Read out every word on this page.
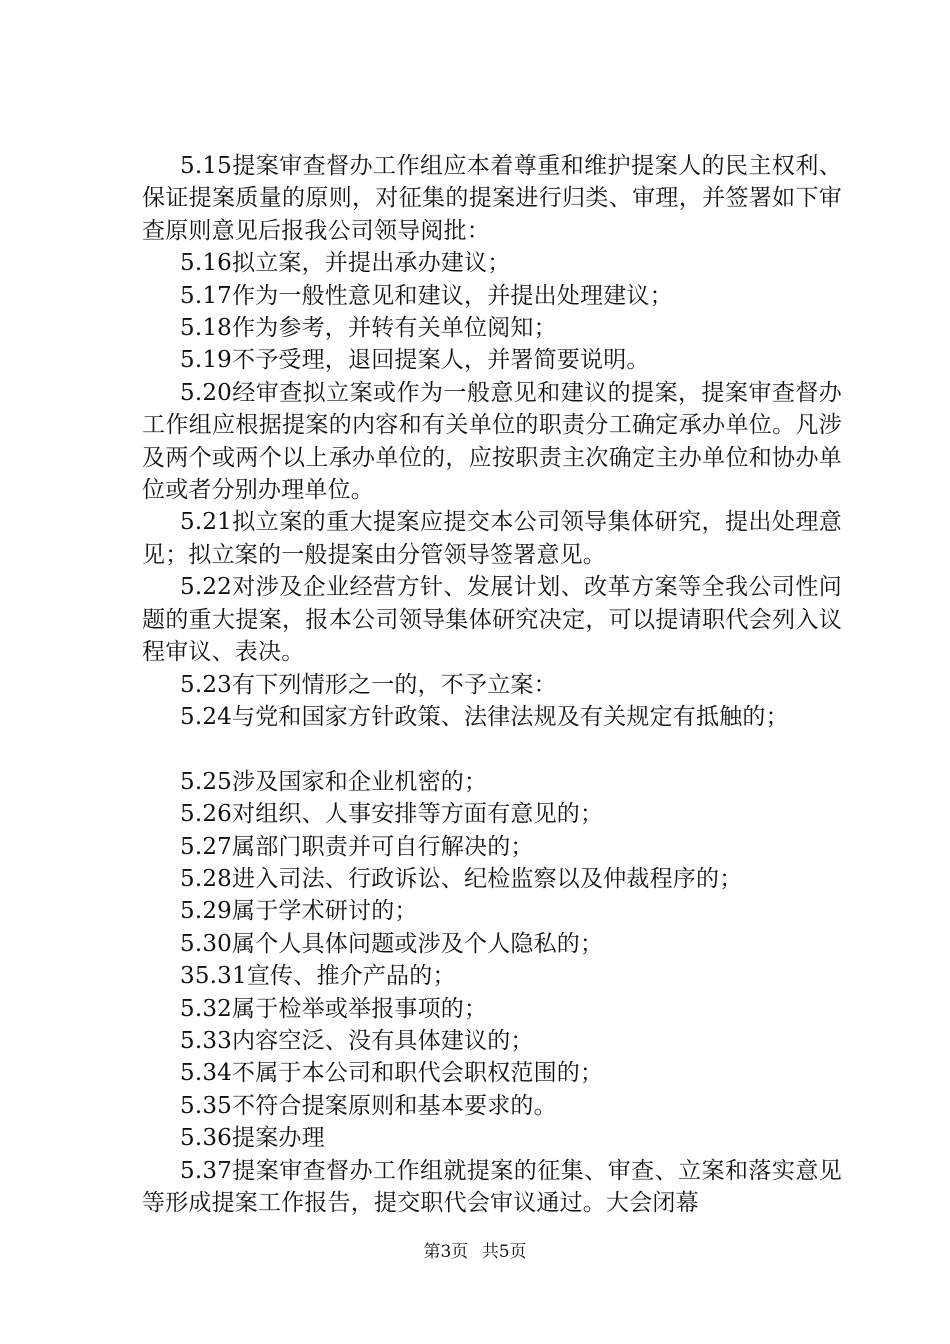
5.15提案审查督办工作组应本着尊重和维护提案人的民主权利、保证提案质量的原则，对征集的提案进行归类、审理，并签署如下审查原则意见后报我公司领导阅批：

5.16拟立案，并提出承办建议；

5.17作为一般性意见和建议，并提出处理建议；

5.18作为参考，并转有关单位阅知；

5.19不予受理，退回提案人，并署简要说明。

5.20经审查拟立案或作为一般意见和建议的提案，提案审查督办工作组应根据提案的内容和有关单位的职责分工确定承办单位。凡涉及两个或两个以上承办单位的，应按职责主次确定主办单位和协办单位或者分别办理单位。

5.21拟立案的重大提案应提交本公司领导集体研究，提出处理意见；拟立案的一般提案由分管领导签署意见。

5.22对涉及企业经营方针、发展计划、改革方案等全我公司性问题的重大提案，报本公司领导集体研究决定，可以提请职代会列入议程审议、表决。

5.23有下列情形之一的，不予立案：

5.24与党和国家方针政策、法律法规及有关规定有抵触的；

5.25涉及国家和企业机密的；

5.26对组织、人事安排等方面有意见的；

5.27属部门职责并可自行解决的；

5.28进入司法、行政诉讼、纪检监察以及仲裁程序的；

5.29属于学术研讨的；

5.30属个人具体问题或涉及个人隐私的；

35.31宣传、推介产品的；

5.32属于检举或举报事项的；

5.33内容空泛、没有具体建议的；

5.34不属于本公司和职代会职权范围的；

5.35不符合提案原则和基本要求的。

5.36提案办理

5.37提案审查督办工作组就提案的征集、审查、立案和落实意见等形成提案工作报告，提交职代会审议通过。大会闭幕

第3页 共5页
